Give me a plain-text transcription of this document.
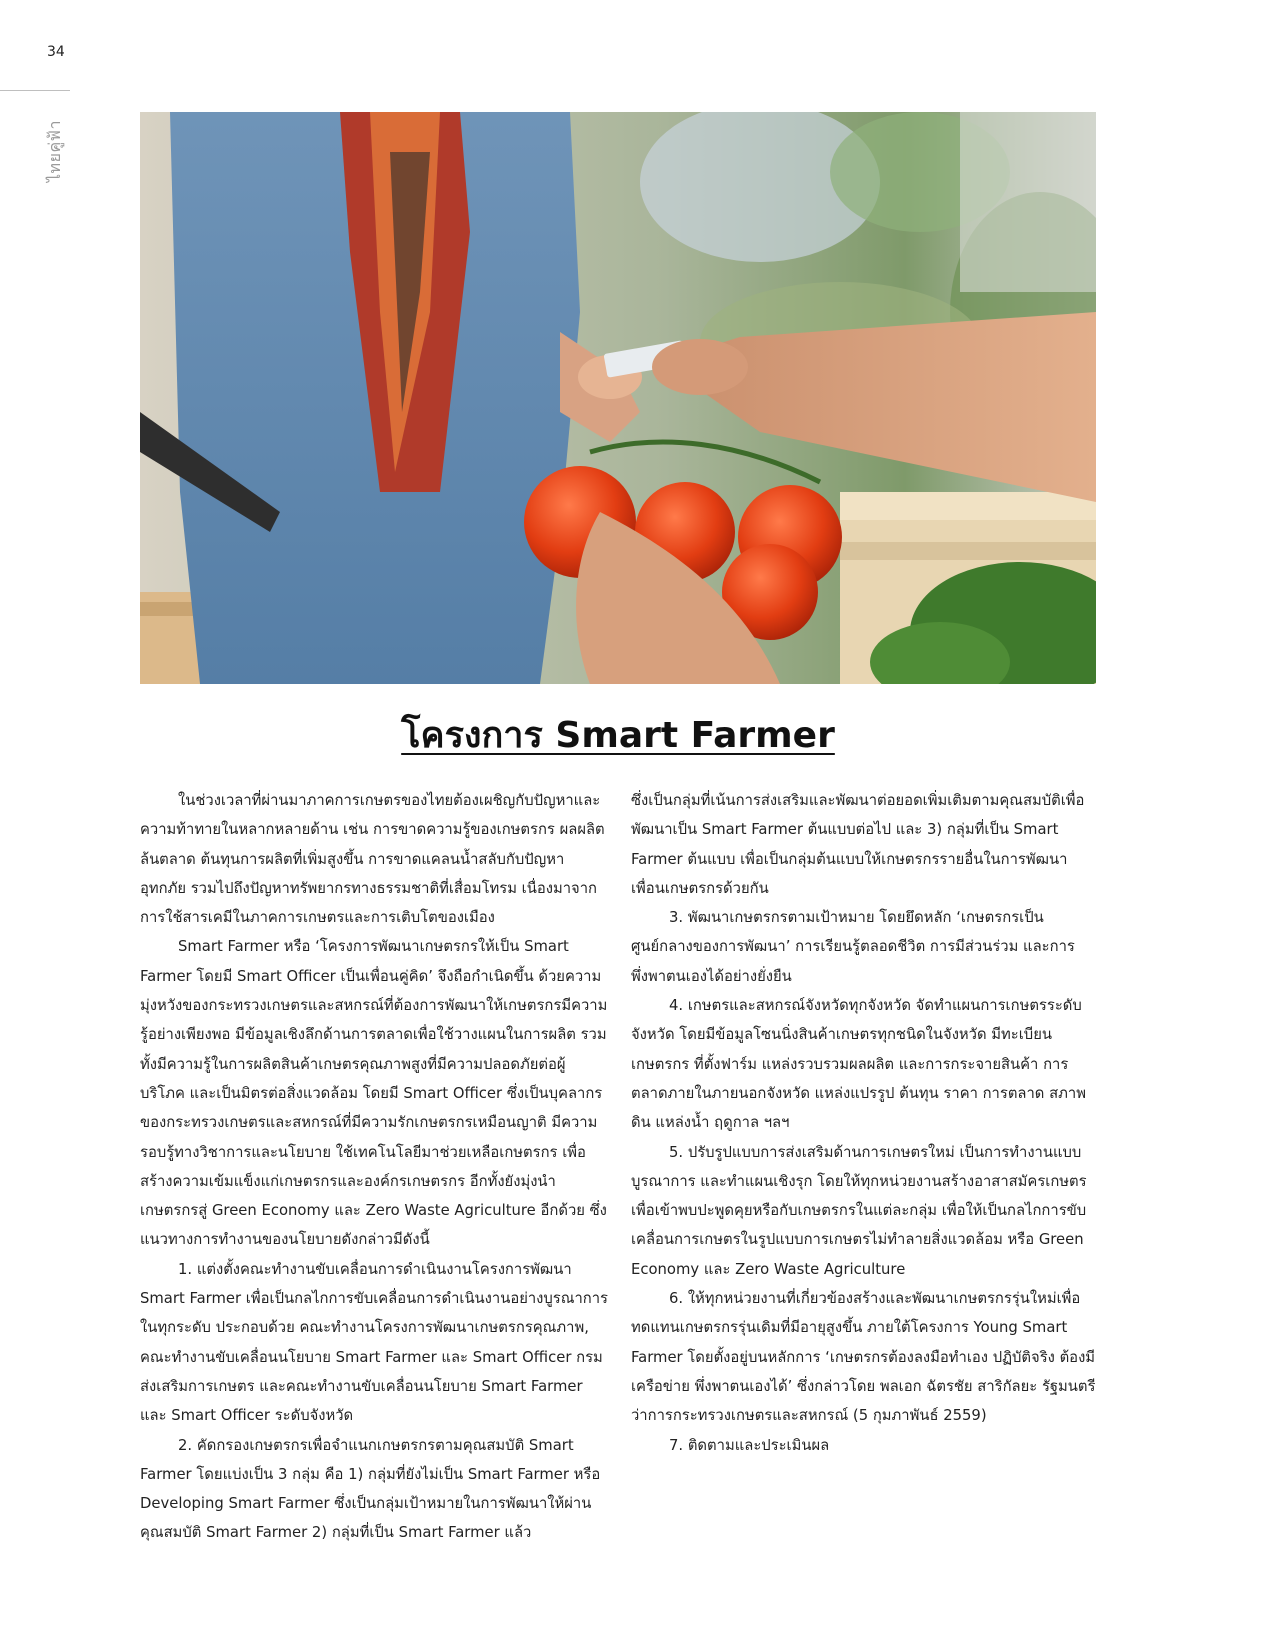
34
ไทยคู่ฟ้า
โครงการ Smart Farmer

ในช่วงเวลาที่ผ่านมาภาคการเกษตรของไทยต้องเผชิญกับปัญหาและความท้าทายในหลากหลายด้าน เช่น การขาดความรู้ของเกษตรกร ผลผลิตล้นตลาด ต้นทุนการผลิตที่เพิ่มสูงขึ้น การขาดแคลนน้ำสลับกับปัญหาอุทกภัย รวมไปถึงปัญหาทรัพยากรทางธรรมชาติที่เสื่อมโทรม เนื่องมาจากการใช้สารเคมีในภาคการเกษตรและการเติบโตของเมือง

Smart Farmer หรือ ‘โครงการพัฒนาเกษตรกรให้เป็น Smart Farmer โดยมี Smart Officer เป็นเพื่อนคู่คิด’ จึงถือกำเนิดขึ้น ด้วยความมุ่งหวังของกระทรวงเกษตรและสหกรณ์ที่ต้องการพัฒนาให้เกษตรกรมีความรู้อย่างเพียงพอ มีข้อมูลเชิงลึกด้านการตลาดเพื่อใช้วางแผนในการผลิต รวมทั้งมีความรู้ในการผลิตสินค้าเกษตรคุณภาพสูงที่มีความปลอดภัยต่อผู้บริโภค และเป็นมิตรต่อสิ่งแวดล้อม โดยมี Smart Officer ซึ่งเป็นบุคลากรของกระทรวงเกษตรและสหกรณ์ที่มีความรักเกษตรกรเหมือนญาติ มีความรอบรู้ทางวิชาการและนโยบาย ใช้เทคโนโลยีมาช่วยเหลือเกษตรกร เพื่อสร้างความเข้มแข็งแก่เกษตรกรและองค์กรเกษตรกร อีกทั้งยังมุ่งนำเกษตรกรสู่ Green Economy และ Zero Waste Agriculture อีกด้วย ซึ่งแนวทางการทำงานของนโยบายดังกล่าวมีดังนี้

1. แต่งตั้งคณะทำงานขับเคลื่อนการดำเนินงานโครงการพัฒนา Smart Farmer เพื่อเป็นกลไกการขับเคลื่อนการดำเนินงานอย่างบูรณาการในทุกระดับ ประกอบด้วย คณะทำงานโครงการพัฒนาเกษตรกรคุณภาพ, คณะทำงานขับเคลื่อนนโยบาย Smart Farmer และ Smart Officer กรมส่งเสริมการเกษตร และคณะทำงานขับเคลื่อนนโยบาย Smart Farmer และ Smart Officer ระดับจังหวัด

2. คัดกรองเกษตรกรเพื่อจำแนกเกษตรกรตามคุณสมบัติ Smart Farmer โดยแบ่งเป็น 3 กลุ่ม คือ 1) กลุ่มที่ยังไม่เป็น Smart Farmer หรือ Developing Smart Farmer ซึ่งเป็นกลุ่มเป้าหมายในการพัฒนาให้ผ่านคุณสมบัติ Smart Farmer 2) กลุ่มที่เป็น Smart Farmer แล้ว

ซึ่งเป็นกลุ่มที่เน้นการส่งเสริมและพัฒนาต่อยอดเพิ่มเติมตามคุณสมบัติเพื่อพัฒนาเป็น Smart Farmer ต้นแบบต่อไป และ 3) กลุ่มที่เป็น Smart Farmer ต้นแบบ เพื่อเป็นกลุ่มต้นแบบให้เกษตรกรรายอื่นในการพัฒนาเพื่อนเกษตรกรด้วยกัน

3. พัฒนาเกษตรกรตามเป้าหมาย โดยยึดหลัก ‘เกษตรกรเป็นศูนย์กลางของการพัฒนา’ การเรียนรู้ตลอดชีวิต การมีส่วนร่วม และการพึ่งพาตนเองได้อย่างยั่งยืน

4. เกษตรและสหกรณ์จังหวัดทุกจังหวัด จัดทำแผนการเกษตรระดับจังหวัด โดยมีข้อมูลโซนนิ่งสินค้าเกษตรทุกชนิดในจังหวัด มีทะเบียนเกษตรกร ที่ตั้งฟาร์ม แหล่งรวบรวมผลผลิต และการกระจายสินค้า การตลาดภายในภายนอกจังหวัด แหล่งแปรรูป ต้นทุน ราคา การตลาด สภาพดิน แหล่งน้ำ ฤดูกาล ฯลฯ

5. ปรับรูปแบบการส่งเสริมด้านการเกษตรใหม่ เป็นการทำงานแบบบูรณาการ และทำแผนเชิงรุก โดยให้ทุกหน่วยงานสร้างอาสาสมัครเกษตร เพื่อเข้าพบปะพูดคุยหรือกับเกษตรกรในแต่ละกลุ่ม เพื่อให้เป็นกลไกการขับเคลื่อนการเกษตรในรูปแบบการเกษตรไม่ทำลายสิ่งแวดล้อม หรือ Green Economy และ Zero Waste Agriculture

6. ให้ทุกหน่วยงานที่เกี่ยวข้องสร้างและพัฒนาเกษตรกรรุ่นใหม่เพื่อทดแทนเกษตรกรรุ่นเดิมที่มีอายุสูงขึ้น ภายใต้โครงการ Young Smart Farmer โดยตั้งอยู่บนหลักการ ‘เกษตรกรต้องลงมือทำเอง ปฏิบัติจริง ต้องมีเครือข่าย พึ่งพาตนเองได้’ ซึ่งกล่าวโดย พลเอก ฉัตรชัย สาริกัลยะ รัฐมนตรีว่าการกระทรวงเกษตรและสหกรณ์ (5 กุมภาพันธ์ 2559)

7. ติดตามและประเมินผล
